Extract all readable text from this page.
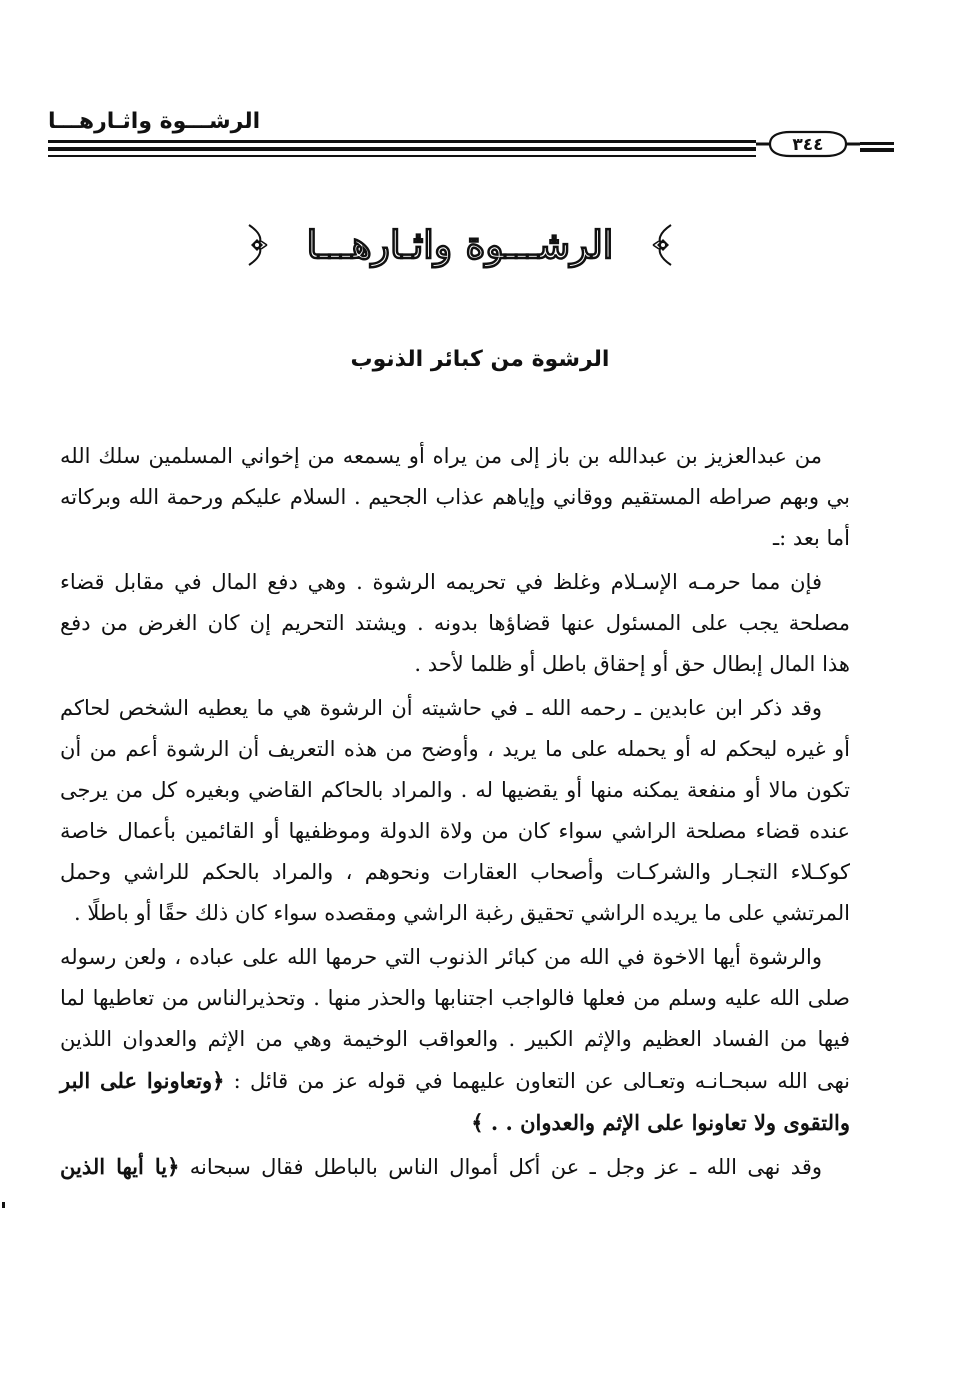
الرشـــوة واثـارهـــا
٣٤٤
الرشـــوة واثـارهـــا
الرشوة من كبائر الذنوب

من عبدالعزيز بن عبدالله بن باز إلى من يراه أو يسمعه من إخواني المسلمين سلك الله
بي وبهم صراطه المستقيم ووقاني وإياهم عذاب الجحيم . السلام عليكم ورحمة الله وبركاته
أما بعد :ـ

فإن مما حرمـه الإسـلام وغلظ في تحريمه الرشوة . وهي دفع المال في مقابل قضاء
مصلحة يجب على المسئول عنها قضاؤها بدونه . ويشتد التحريم إن كان الغرض من دفع
هذا المال إبطال حق أو إحقاق باطل أو ظلما لأحد .

وقد ذكر ابن عابدين ـ رحمه الله ـ في حاشيته أن الرشوة هي ما يعطيه الشخص لحاكم
أو غيره ليحكم له أو يحمله على ما يريد ، وأوضح من هذه التعريف أن الرشوة أعم من أن
تكون مالا أو منفعة يمكنه منها أو يقضيها له . والمراد بالحاكم القاضي وبغيره كل من يرجى
عنده قضاء مصلحة الراشي سواء كان من ولاة الدولة وموظفيها أو القائمين بأعمال خاصة
كوكـلاء التجـار والشركـات وأصحاب العقارات ونحوهم ، والمراد بالحكم للراشي وحمل
المرتشي على ما يريده الراشي تحقيق رغبة الراشي ومقصده سواء كان ذلك حقًا أو باطلًا .

والرشوة أيها الاخوة في الله من كبائر الذنوب التي حرمها الله على عباده ، ولعن رسوله
صلى الله عليه وسلم من فعلها فالواجب اجتنابها والحذر منها . وتحذيرالناس من تعاطيها لما
فيها من الفساد العظيم والإثم الكبير . والعواقب الوخيمة وهي من الإثم والعدوان اللذين
نهى الله سبحـانـه وتعـالى عن التعاون عليهما في قوله عز من قائل : ﴿وتعاونوا على البر
والتقوى ولا تعاونوا على الإثم والعدوان . . ﴾

وقد نهى الله ـ عز وجل ـ عن أكل أموال الناس بالباطل فقال سبحانه ﴿يا أيها الذين
